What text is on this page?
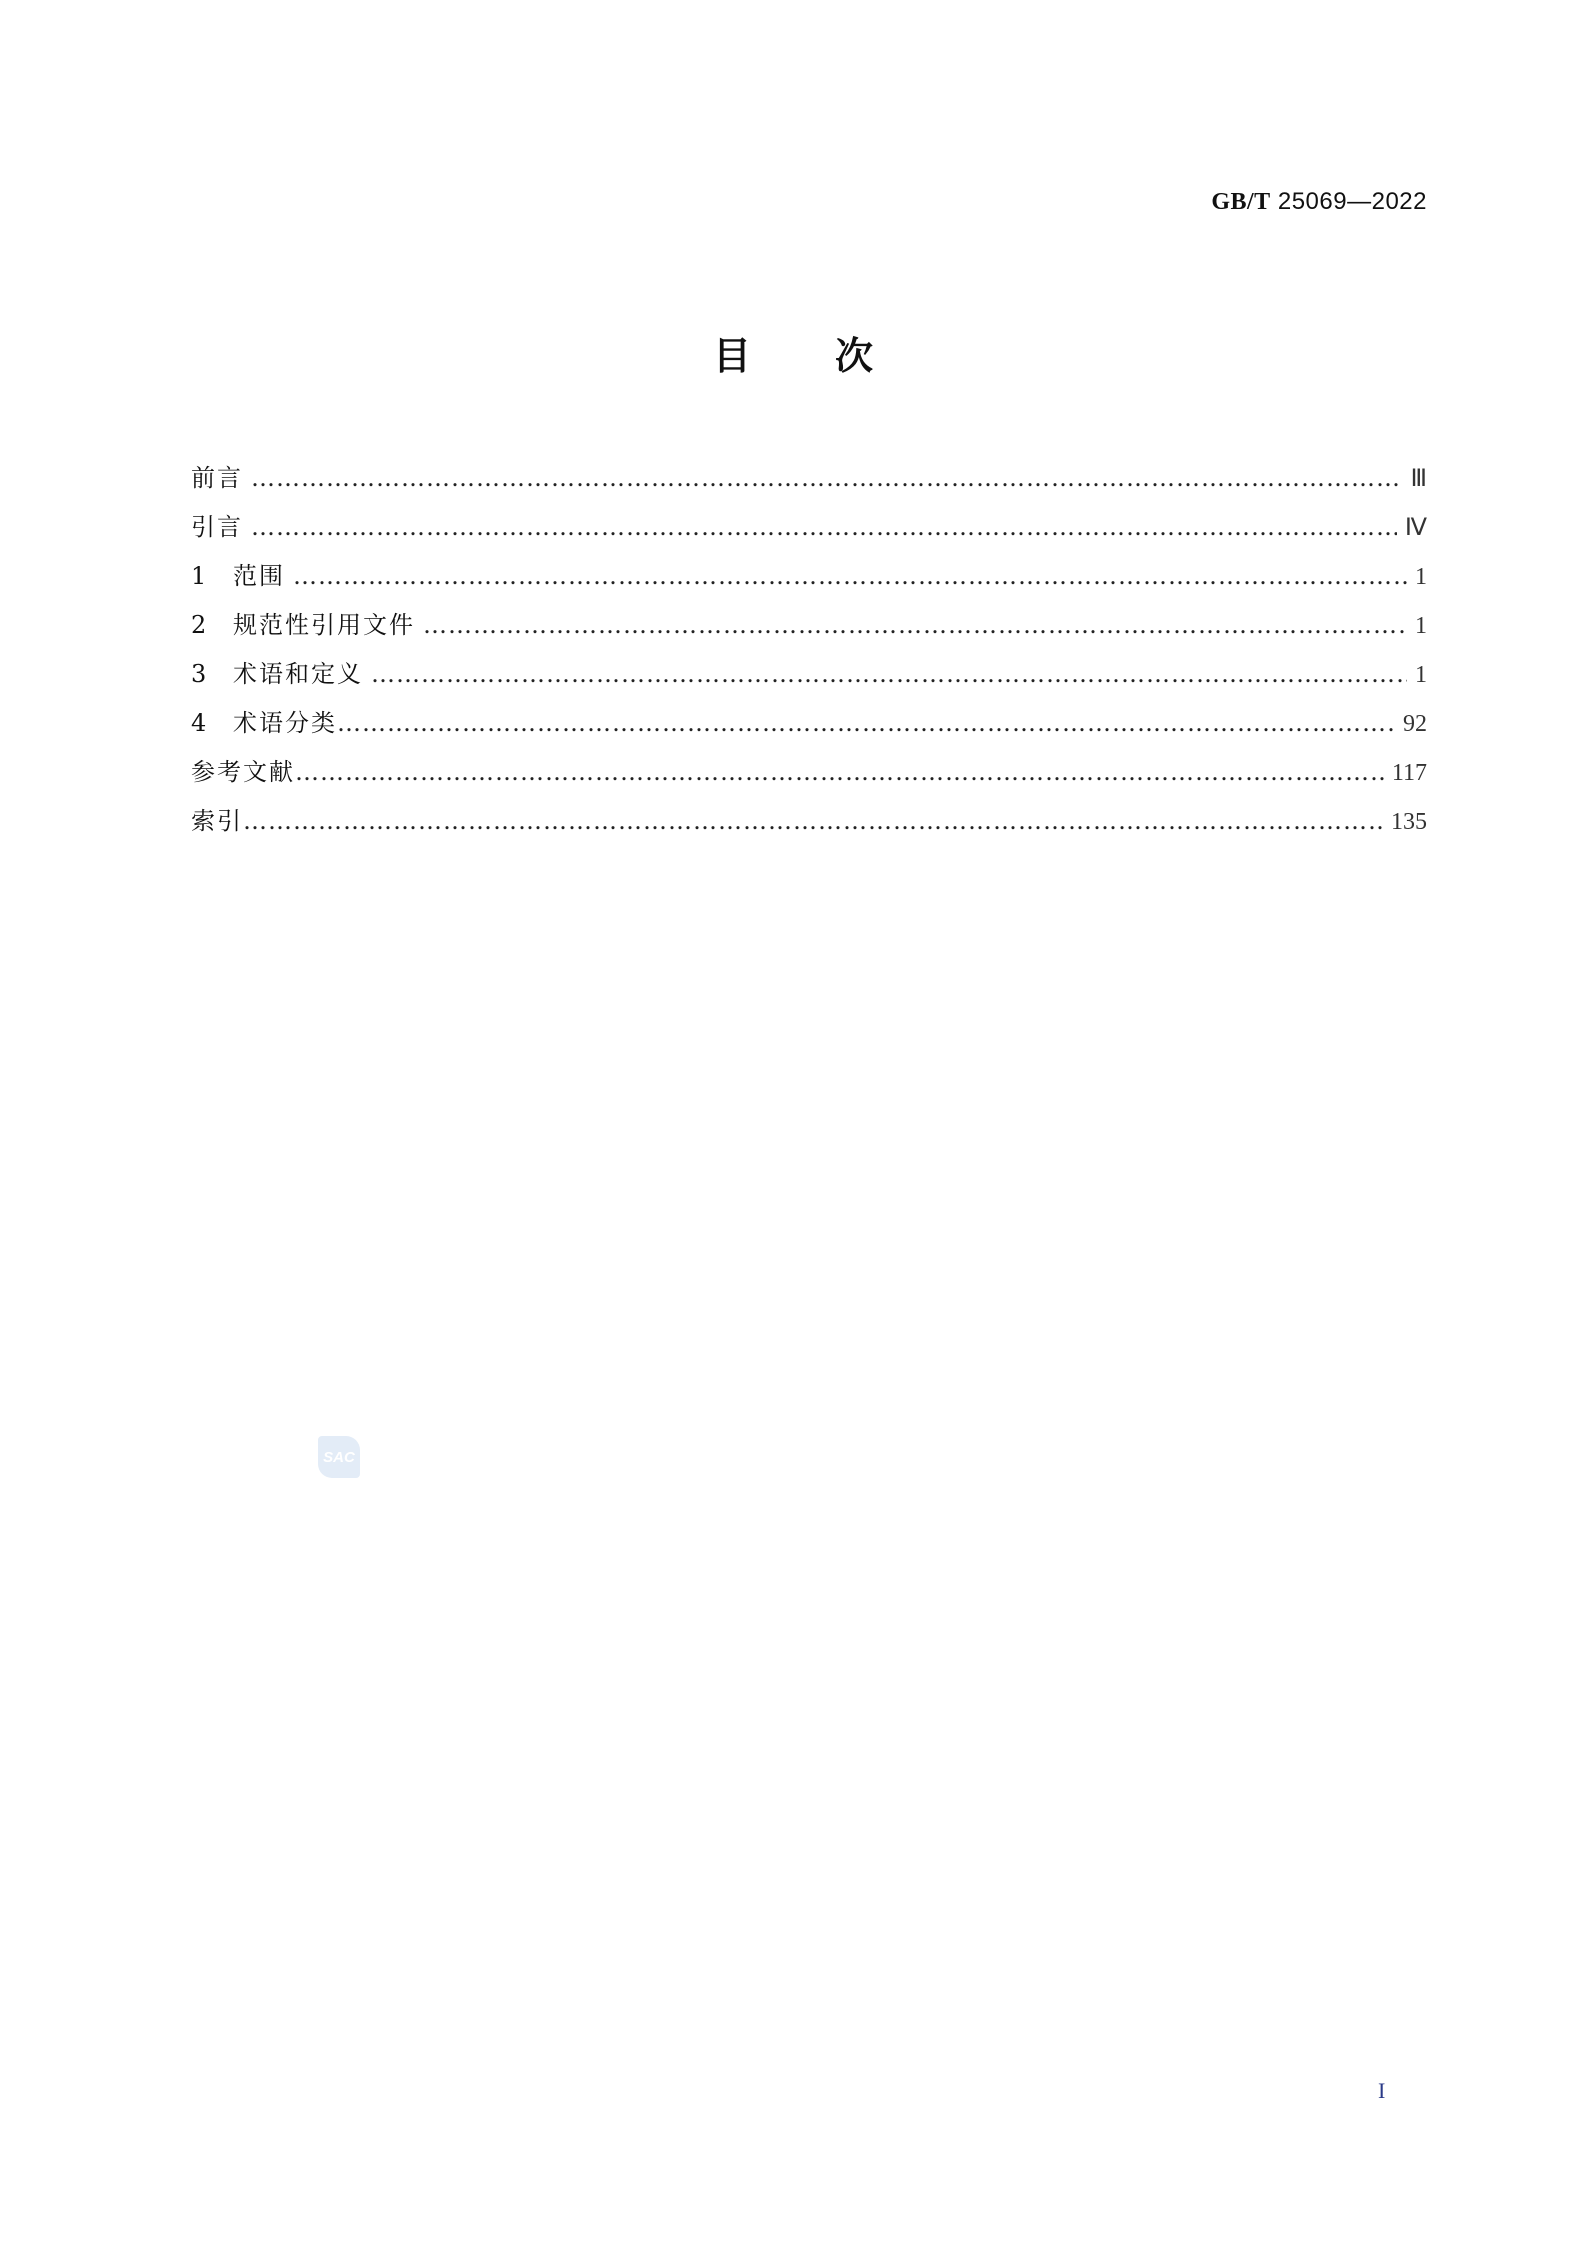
GB/T 25069—2022
目 次
前言 ………………………………………………………………………………………………………………………………………………………………	Ⅲ
引言 ………………………………………………………………………………………………………………………………………………………………	Ⅳ
1	范围 ………………………………………………………………………………………………………………………………………………………………	1
2	规范性引用文件 ………………………………………………………………………………………………………………………………………………………………	1
3	术语和定义 ………………………………………………………………………………………………………………………………………………………………	1
4	术语分类 ………………………………………………………………………………………………………………………………………………………………	92
参考文献 ………………………………………………………………………………………………………………………………………………………………	117
索引 ………………………………………………………………………………………………………………………………………………………………	135
SAC
I
